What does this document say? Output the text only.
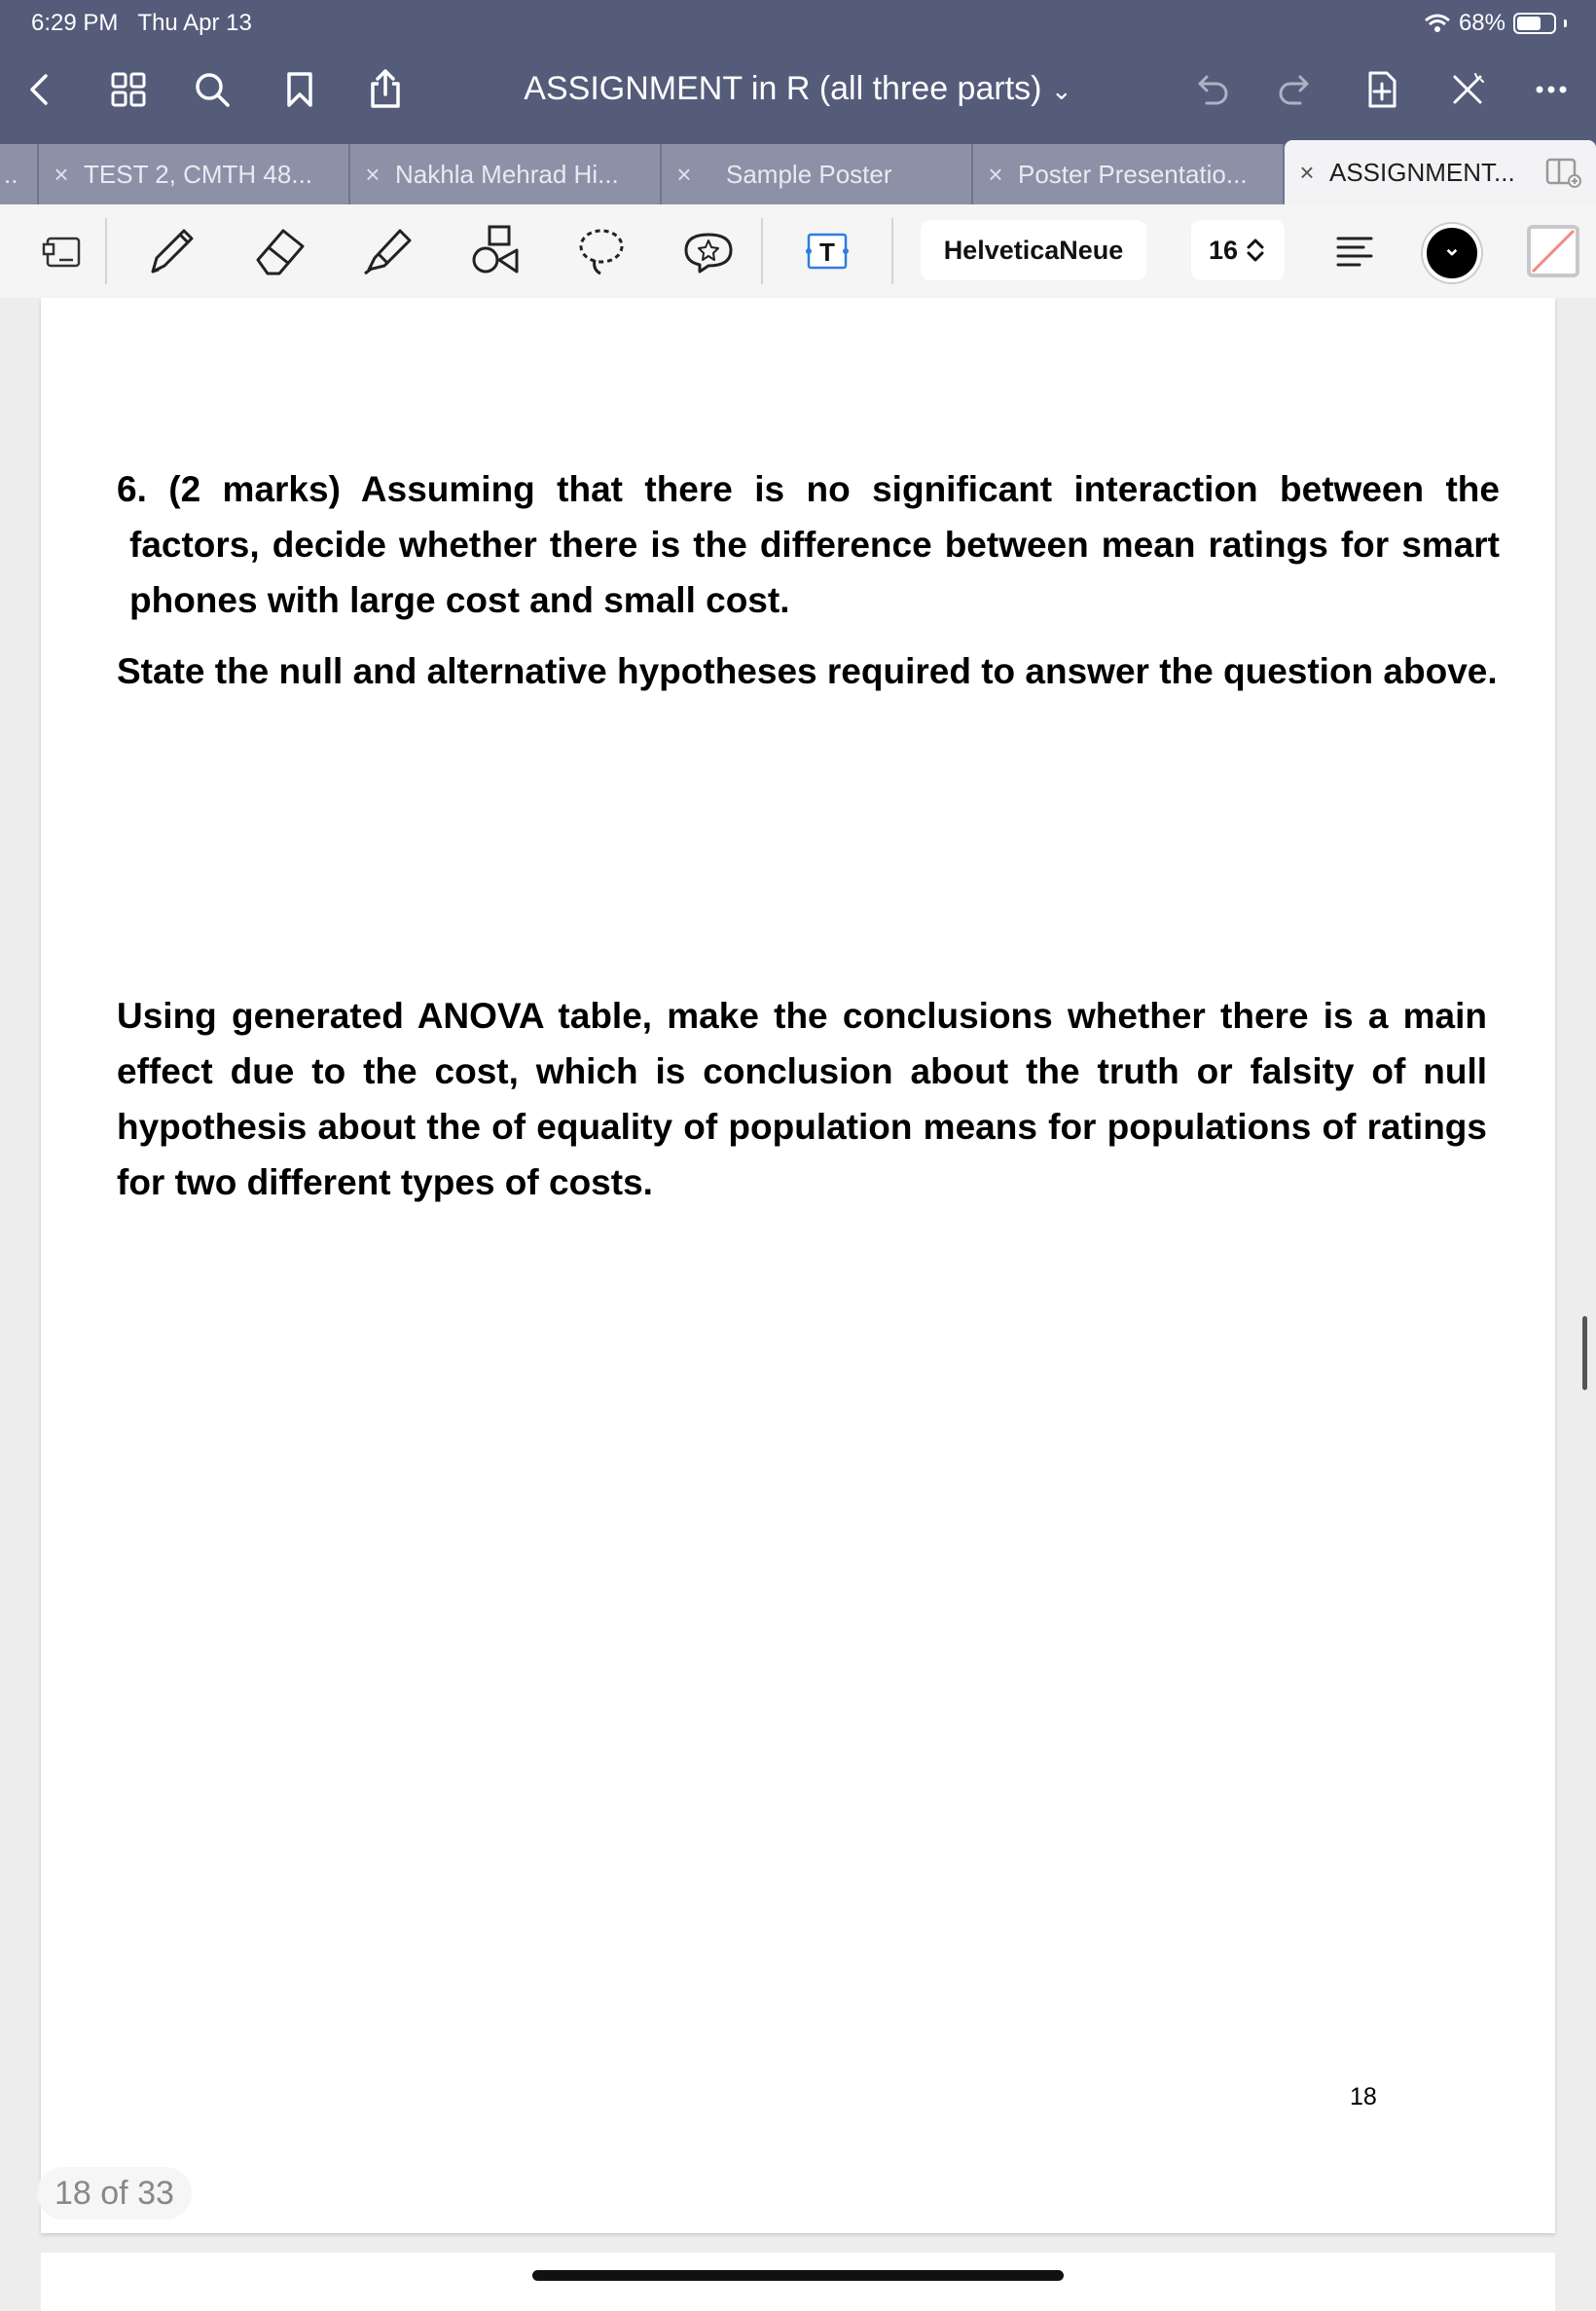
6:29 PM Thu Apr 13	68%
ASSIGNMENT in R (all three parts) ⌄
..	× TEST 2, CMTH 48...	× Nakhla Mehrad Hi...	×	Sample Poster	× Poster Presentatio...	× ASSIGNMENT...
T	HelveticaNeue	16	⌄
6. (2 marks) Assuming that there is no significant interaction between the factors, decide whether there is the difference between mean ratings for smart phones with large cost and small cost.
State the null and alternative hypotheses required to answer the question above.
Using generated ANOVA table, make the conclusions whether there is a main effect due to the cost, which is conclusion about the truth or falsity of null hypothesis about the of equality of population means for populations of ratings for two different types of costs.
18
18 of 33
